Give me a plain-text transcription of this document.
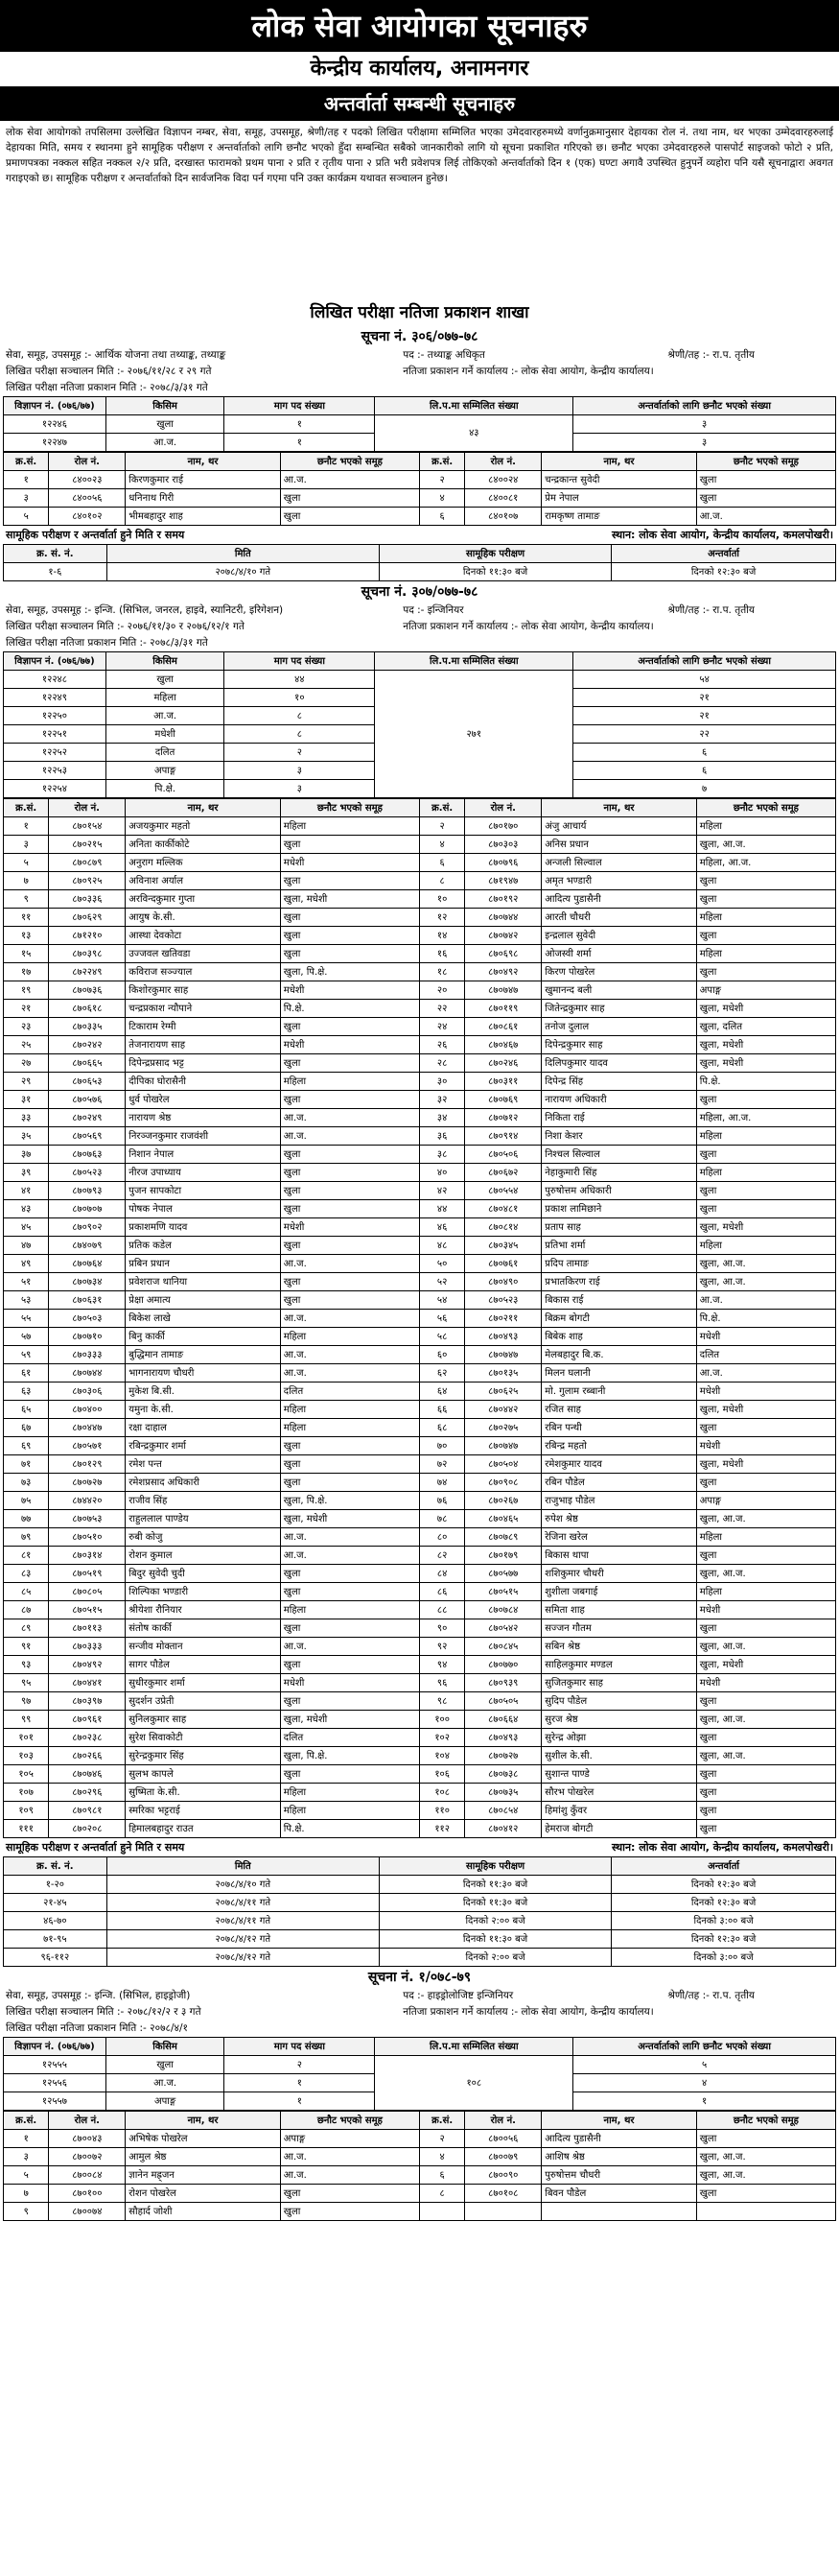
लोक सेवा आयोगका सूचनाहरु
केन्द्रीय कार्यालय, अनामनगर
अन्तर्वार्ता सम्बन्धी सूचनाहरु
लोक सेवा आयोगको तपसिलमा उल्लेखित विज्ञापन नम्बर, सेवा, समूह, उपसमूह, श्रेणी/तह र पदको लिखित परीक्षामा सम्मिलित भएका उमेदवारहरुमध्ये वर्णानुक्रमानुसार देहायका रोल नं. तथा नाम, थर भएका उम्मेदवारहरुलाई देहायका मिति, समय र स्थानमा हुने सामूहिक परीक्षण र अन्तर्वार्ताको लागि छनौट भएको हुँदा सम्बन्धित सबैको जानकारीको लागि यो सूचना प्रकाशित गरिएको छ। छनौट भएका उमेदवारहरुले पासपोर्ट साइजको फोटो २ प्रति, प्रमाणपत्रका नक्कल सहित नक्कल २/२ प्रति, दरखास्त फारामको प्रथम पाना २ प्रति र तृतीय पाना २ प्रति भरी प्रवेशपत्र लिई तोकिएको अन्तर्वार्ताको दिन १ (एक) घण्टा अगावै उपस्थित हुनुपर्ने व्यहोरा पनि यसै सूचनाद्वारा अवगत गराइएको छ। सामूहिक परीक्षण र अन्तर्वार्ताको दिन सार्वजनिक विदा पर्न गएमा पनि उक्त कार्यक्रम यथावत सञ्चालन हुनेछ।
लिखित परीक्षा नतिजा प्रकाशन शाखा
सूचना नं. ३०६/०७७-७८
सेवा, समूह, उपसमूह :- आर्थिक योजना तथा तथ्याङ्क, तथ्याङ्क	पद :- तथ्याङ्क अधिकृत	श्रेणी/तह :- रा.प. तृतीय
लिखित परीक्षा सञ्चालन मिति :- २०७६/११/२८ र २९ गते	नतिजा प्रकाशन गर्ने कार्यालय :- लोक सेवा आयोग, केन्द्रीय कार्यालय।
लिखित परीक्षा नतिजा प्रकाशन मिति :- २०७८/३/३१ गते
विज्ञापन नं. (०७६/७७)	किसिम	माग पद संख्या	लि.प.मा सम्मिलित संख्या	अन्तर्वार्ताको लागि छनौट भएको संख्या
१२२४६	खुला	१	४३	३
१२२४७	आ.ज.	१		३
क्र.सं.	रोल नं.	नाम, थर	छनौट भएको समूह	क्र.सं.	रोल नं.	नाम, थर	छनौट भएको समूह
१	८४००२३	किरणकुमार राई	आ.ज.	२	८४००२४	चन्द्रकान्त सुवेदी	खुला
३	८४००५६	धनिनाथ गिरी	खुला	४	८४००८१	प्रेम नेपाल	खुला
५	८४०१०२	भीमबहादुर शाह	खुला	६	८४०१०७	रामकृष्ण तामाङ	आ.ज.
सामूहिक परीक्षण र अन्तर्वार्ता हुने मिति र समय	स्थान: लोक सेवा आयोग, केन्द्रीय कार्यालय, कमलपोखरी।
क्र. सं. नं.	मिति	सामूहिक परीक्षण	अन्तर्वार्ता
१-६	२०७८/४/१० गते	दिनको ११:३० बजे	दिनको १२:३० बजे
सूचना नं. ३०७/०७७-७८
सेवा, समूह, उपसमूह :- इन्जि. (सिभिल, जनरल, हाइवे, स्यानिटरी, इरिगेशन)	पद :- इन्जिनियर	श्रेणी/तह :- रा.प. तृतीय
लिखित परीक्षा सञ्चालन मिति :- २०७६/११/३० र २०७६/१२/१ गते	नतिजा प्रकाशन गर्ने कार्यालय :- लोक सेवा आयोग, केन्द्रीय कार्यालय।
लिखित परीक्षा नतिजा प्रकाशन मिति :- २०७८/३/३१ गते
विज्ञापन नं. (०७६/७७)	किसिम	माग पद संख्या	लि.प.मा सम्मिलित संख्या	अन्तर्वार्ताको लागि छनौट भएको संख्या
१२२४८	खुला	४४	२७१	५४
१२२४९	महिला	१०		२१
१२२५०	आ.ज.	८		२१
१२२५१	मधेशी	८		२२
१२२५२	दलित	२		६
१२२५३	अपाङ्ग	३		६
१२२५४	पि.क्षे.	३		७
क्र.सं.	रोल नं.	नाम, थर	छनौट भएको समूह	क्र.सं.	रोल नं.	नाम, थर	छनौट भएको समूह
१	८७०१५४	अजयकुमार महतो	महिला	२	८७०१७०	अंजु आचार्य	महिला
३	८७०२१५	अनिता कार्कीकोटे	खुला	४	८७०३०३	अनिस प्रधान	खुला, आ.ज.
५	८७०८७९	अनुराग मल्लिक	मधेशी	६	८७०७९६	अन्जली सिल्वाल	महिला, आ.ज.
७	८७०९२५	अविनाश अर्याल	खुला	८	८७१९४७	अमृत भण्डारी	खुला
९	८७०३३६	अरविन्दकुमार गुप्ता	खुला, मधेशी	१०	८७०१९२	आदित्य पुडासैनी	खुला
११	८७०६२९	आयुष के.सी.	खुला	१२	८७०७४४	आरती चौधरी	महिला
१३	८७१२१०	आस्था देवकोटा	खुला	१४	८७०७४२	इन्द्रलाल सुवेदी	खुला
१५	८७०३९८	उज्जवल खतिवडा	खुला	१६	८७०६९८	ओजस्वी शर्मा	महिला
१७	८७२२४९	कविराज सञ्ज्याल	खुला, पि.क्षे.	१८	८७०४९२	किरण पोखरेल	खुला
१९	८७०७३६	किशोरकुमार साह	मधेशी	२०	८७०७४७	खुमानन्द बली	अपाङ्ग
२१	८७०६१८	चन्द्रप्रकाश न्यौपाने	पि.क्षे.	२२	८७०११९	जितेन्द्रकुमार साह	खुला, मधेशी
२३	८७०३३५	टिकाराम रेग्मी	खुला	२४	८७०८६१	तनोज दुलाल	खुला, दलित
२५	८७०२४२	तेजनारायण साह	मधेशी	२६	८७०४६७	दिपेन्द्रकुमार साह	खुला, मधेशी
२७	८७०६६५	दिपेन्द्रप्रसाद भट्ट	खुला	२८	८७०२४६	दिलिपकुमार यादव	खुला, मधेशी
२९	८७०६५३	दीपिका घोरासैनी	महिला	३०	८७०३११	दिपेन्द्र सिंह	पि.क्षे.
३१	८७०५७६	धुर्व पोखरेल	खुला	३२	८७०७६९	नारायण अधिकारी	खुला
३३	८७०२४९	नारायण श्रेष्ठ	आ.ज.	३४	८७०७१२	निकिता राई	महिला, आ.ज.
३५	८७०५६९	निरञ्जनकुमार राजवंशी	आ.ज.	३६	८७०९१४	निशा केशर	महिला
३७	८७०७६३	निशान नेपाल	खुला	३८	८७०५०६	निश्चल सिल्वाल	खुला
३९	८७०५२३	नीरज उपाध्याय	खुला	४०	८७०६७२	नेहाकुमारी सिंह	महिला
४१	८७०७९३	पुजन सापकोटा	खुला	४२	८७०५५४	पुरुषोत्तम अधिकारी	खुला
४३	८७०७०७	पोषक नेपाल	खुला	४४	८७०४८१	प्रकाश लामिछाने	खुला
४५	८७०९०२	प्रकाशमणि यादव	मधेशी	४६	८७०८१४	प्रताप साह	खुला, मधेशी
४७	८७४०७९	प्रतिक कडेल	खुला	४८	८७०३४५	प्रतिभा शर्मा	महिला
४९	८७०७६४	प्रबिन प्रधान	आ.ज.	५०	८७०७६१	प्रदिप तामाङ	खुला, आ.ज.
५१	८७०७३४	प्रवेशराज थानिया	खुला	५२	८७०४९०	प्रभातकिरण राई	खुला, आ.ज.
५३	८७०६३१	प्रेक्षा अमात्य	खुला	५४	८७०५२३	बिकास राई	आ.ज.
५५	८७०५०३	बिकेश लाखे	आ.ज.	५६	८७०२११	बिक्रम बोगटी	पि.क्षे.
५७	८७०७१०	बिनु कार्की	महिला	५८	८७०४९३	बिबेक शाह	मधेशी
५९	८७०३३३	बुद्धिमान तामाङ	आ.ज.	६०	८७०७४७	मेलबहादुर बि.क.	दलित
६१	८७०७४४	भागनारायण चौधरी	आ.ज.	६२	८७०१३५	मिलन घलानी	आ.ज.
६३	८७०३०६	मुकेश बि.सी.	दलित	६४	८७०६२५	मो. गुलाम रब्बानी	मधेशी
६५	८७०४००	यमुना के.सी.	महिला	६६	८७०४४२	रजित साह	खुला, मधेशी
६७	८७०४४७	रक्षा दाहाल	महिला	६८	८७०२७५	रबिन पन्थी	खुला
६९	८७०५७१	रबिन्द्रकुमार शर्मा	खुला	७०	८७०७४७	रबिन्द्र महतो	मधेशी
७१	८७०१२९	रमेश पन्त	खुला	७२	८७०५०४	रमेशकुमार यादव	खुला, मधेशी
७३	८७०७२७	रमेशप्रसाद अधिकारी	खुला	७४	८७०९०८	रबिन पौडेल	खुला
७५	८७४४२०	राजीव सिंह	खुला, पि.क्षे.	७६	८७०२६७	राजुभाइ पौडेल	अपाङ्ग
७७	८७०७५३	राहुललाल पाण्डेय	खुला, मधेशी	७८	८७०४६५	रुपेश श्रेष्ठ	खुला, आ.ज.
७९	८७०५१०	रुबी कोजु	आ.ज.	८०	८७०७८९	रेजिना खरेल	महिला
८१	८७०३१४	रोशन कुमाल	आ.ज.	८२	८७०१७९	बिकास थापा	खुला
८३	८७०५१९	बिदुर सुवेदी चुदी	खुला	८४	८७०५७७	शशिकुमार चौधरी	खुला, आ.ज.
८५	८७०८०५	शिल्पिका भण्डारी	खुला	८६	८७०५१५	शुशीला जबगाई	महिला
८७	८७०५१५	श्रीयेशा रौनियार	महिला	८८	८७०७८४	समिता शाह	मधेशी
८९	८७०११३	संतोष कार्की	खुला	९०	८७०५४२	सज्जन गौतम	खुला
९१	८७०३३३	सन्जीव मोक्तान	आ.ज.	९२	८७०८४५	सबिन श्रेष्ठ	खुला, आ.ज.
९३	८७०४९२	सागर पौडेल	खुला	९४	८७०७७०	साहिलकुमार मण्डल	खुला, मधेशी
९५	८७०४४१	सुधीरकुमार शर्मा	मधेशी	९६	८७०९३९	सुजितकुमार साह	मधेशी
९७	८७०३९७	सुदर्शन उप्रेती	खुला	९८	८७०५०५	सुदिप पौडेल	खुला
९९	८७०९६१	सुनिलकुमार साह	खुला, मधेशी	१००	८७०६६४	सुरज श्रेष्ठ	खुला, आ.ज.
१०१	८७०२३८	सुरेश सिवाकोटी	दलित	१०२	८७०४९३	सुरेन्द्र ओझा	खुला
१०३	८७०२६६	सुरेन्द्रकुमार सिंह	खुला, पि.क्षे.	१०४	८७०७२७	सुशील के.सी.	खुला, आ.ज.
१०५	८७०७४६	सुलभ कापले	खुला	१०६	८७०७३८	सुशान्त पाण्डे	खुला
१०७	८७०२९६	सुष्मिता के.सी.	महिला	१०८	८७०७३५	सौरभ पोखरेल	खुला
१०९	८७०९८१	स्मरिका भट्टराई	महिला	११०	८७०८५४	हिमांशु कुँवर	खुला
१११	८७०२०८	हिमालबहादुर राउत	पि.क्षे.	११२	८७०४१२	हेमराज बोगटी	खुला
सामूहिक परीक्षण र अन्तर्वार्ता हुने मिति र समय	स्थान: लोक सेवा आयोग, केन्द्रीय कार्यालय, कमलपोखरी।
क्र. सं. नं.	मिति	सामूहिक परीक्षण	अन्तर्वार्ता
१-२०	२०७८/४/१० गते	दिनको ११:३० बजे	दिनको १२:३० बजे
२१-४५	२०७८/४/११ गते	दिनको ११:३० बजे	दिनको १२:३० बजे
४६-७०	२०७८/४/११ गते	दिनको २:०० बजे	दिनको ३:०० बजे
७१-९५	२०७८/४/१२ गते	दिनको ११:३० बजे	दिनको १२:३० बजे
९६-११२	२०७८/४/१२ गते	दिनको २:०० बजे	दिनको ३:०० बजे
सूचना नं. १/०७८-७९
सेवा, समूह, उपसमूह :- इन्जि. (सिभिल, हाइड्रोजी)	पद :- हाइड्रोलोजिष्ट इन्जिनियर	श्रेणी/तह :- रा.प. तृतीय
लिखित परीक्षा सञ्चालन मिति :- २०७८/१२/२ र ३ गते	नतिजा प्रकाशन गर्ने कार्यालय :- लोक सेवा आयोग, केन्द्रीय कार्यालय।
लिखित परीक्षा नतिजा प्रकाशन मिति :- २०७८/४/१
विज्ञापन नं. (०७६/७७)	किसिम	माग पद संख्या	लि.प.मा सम्मिलित संख्या	अन्तर्वार्ताको लागि छनौट भएको संख्या
१२५५५	खुला	२	१०८	५
१२५५६	आ.ज.	१		४
१२५५७	अपाङ्ग	१		१
क्र.सं.	रोल नं.	नाम, थर	छनौट भएको समूह	क्र.सं.	रोल नं.	नाम, थर	छनौट भएको समूह
१	८७००४३	अभिषेक पोखरेल	अपाङ्ग	२	८७००५६	आदित्य पुडासैनी	खुला
३	८७००७२	आमुल श्रेष्ठ	आ.ज.	४	८७००७९	आशिष श्रेष्ठ	खुला, आ.ज.
५	८७००८४	ज्ञानेन मह्र्जन	आ.ज.	६	८७००९०	पुरुषोत्तम चौधरी	खुला, आ.ज.
७	८७०१००	रोशन पोखरेल	खुला	८	८७०१०८	बिवन पौडेल	खुला
९	८७००७४	सौहार्द जोशी	खुला				
